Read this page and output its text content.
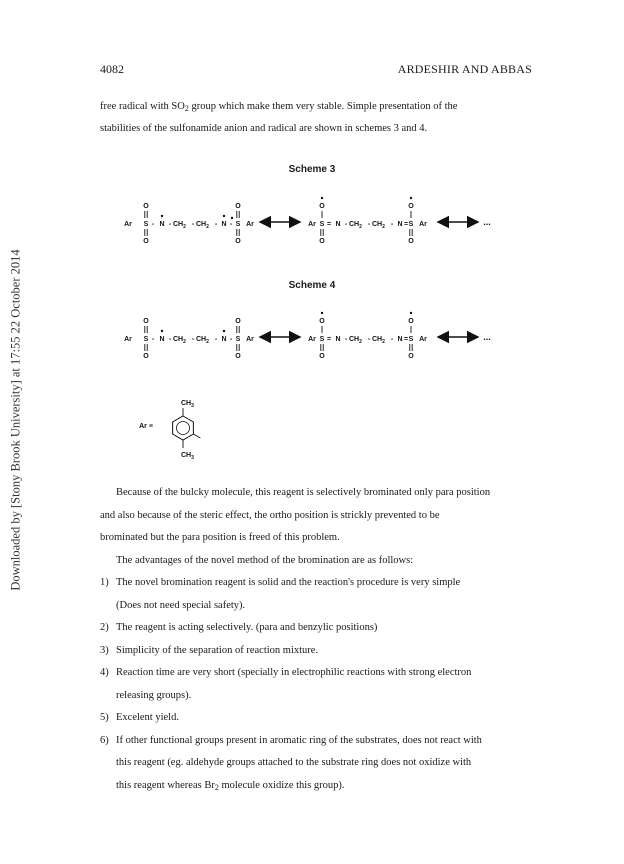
Downloaded by [Stony Brook University] at 17:55 22 October 2014
4082	ARDESHIR AND ABBAS
free radical with $SO_2$ group which make them very stable. Simple presentation of the
stabilities of the sulfonamide anion and radical are shown in schemes 3 and 4.
Scheme 3
Scheme 4
Ar S
O
O
- N - $CH_2 - CH_2$ - N - S
O
O
Ar	Ar S
O
O
= $N - CH_2 - CH_2 - N = S$
O
O
Ar	...
Ar S
O
O
- N - $CH_2 - CH_2$ - N - S
O
O
Ar	Ar S
O
O
= $N - CH_2 - CH_2 - N = S$
O
O
Ar	...
Ar ≡
$CH_3$
$CH_3$

Because of the bulcky molecule, this reagent is selectively brominated only para position

and also because of the steric effect, the ortho position is strickly prevented to be

brominated but the para position is freed of this problem.

The advantages of the novel method of the bromination are as follows:

1) The novel bromination reagent is solid and the reaction's procedure is very simple
(Does not need special safety).
2) The reagent is acting selectively. (para and benzylic positions)
3) Simplicity of the separation of reaction mixture.
4) Reaction time are very short (specially in electrophilic reactions with strong electron
releasing groups).
5) Excelent yield.
6) If other functional groups present in aromatic ring of the substrates, does not react with
this reagent (eg. aldehyde groups attached to the substrate ring does not oxidize with
this reagent whereas $Br_2$ molecule oxidize this group).
